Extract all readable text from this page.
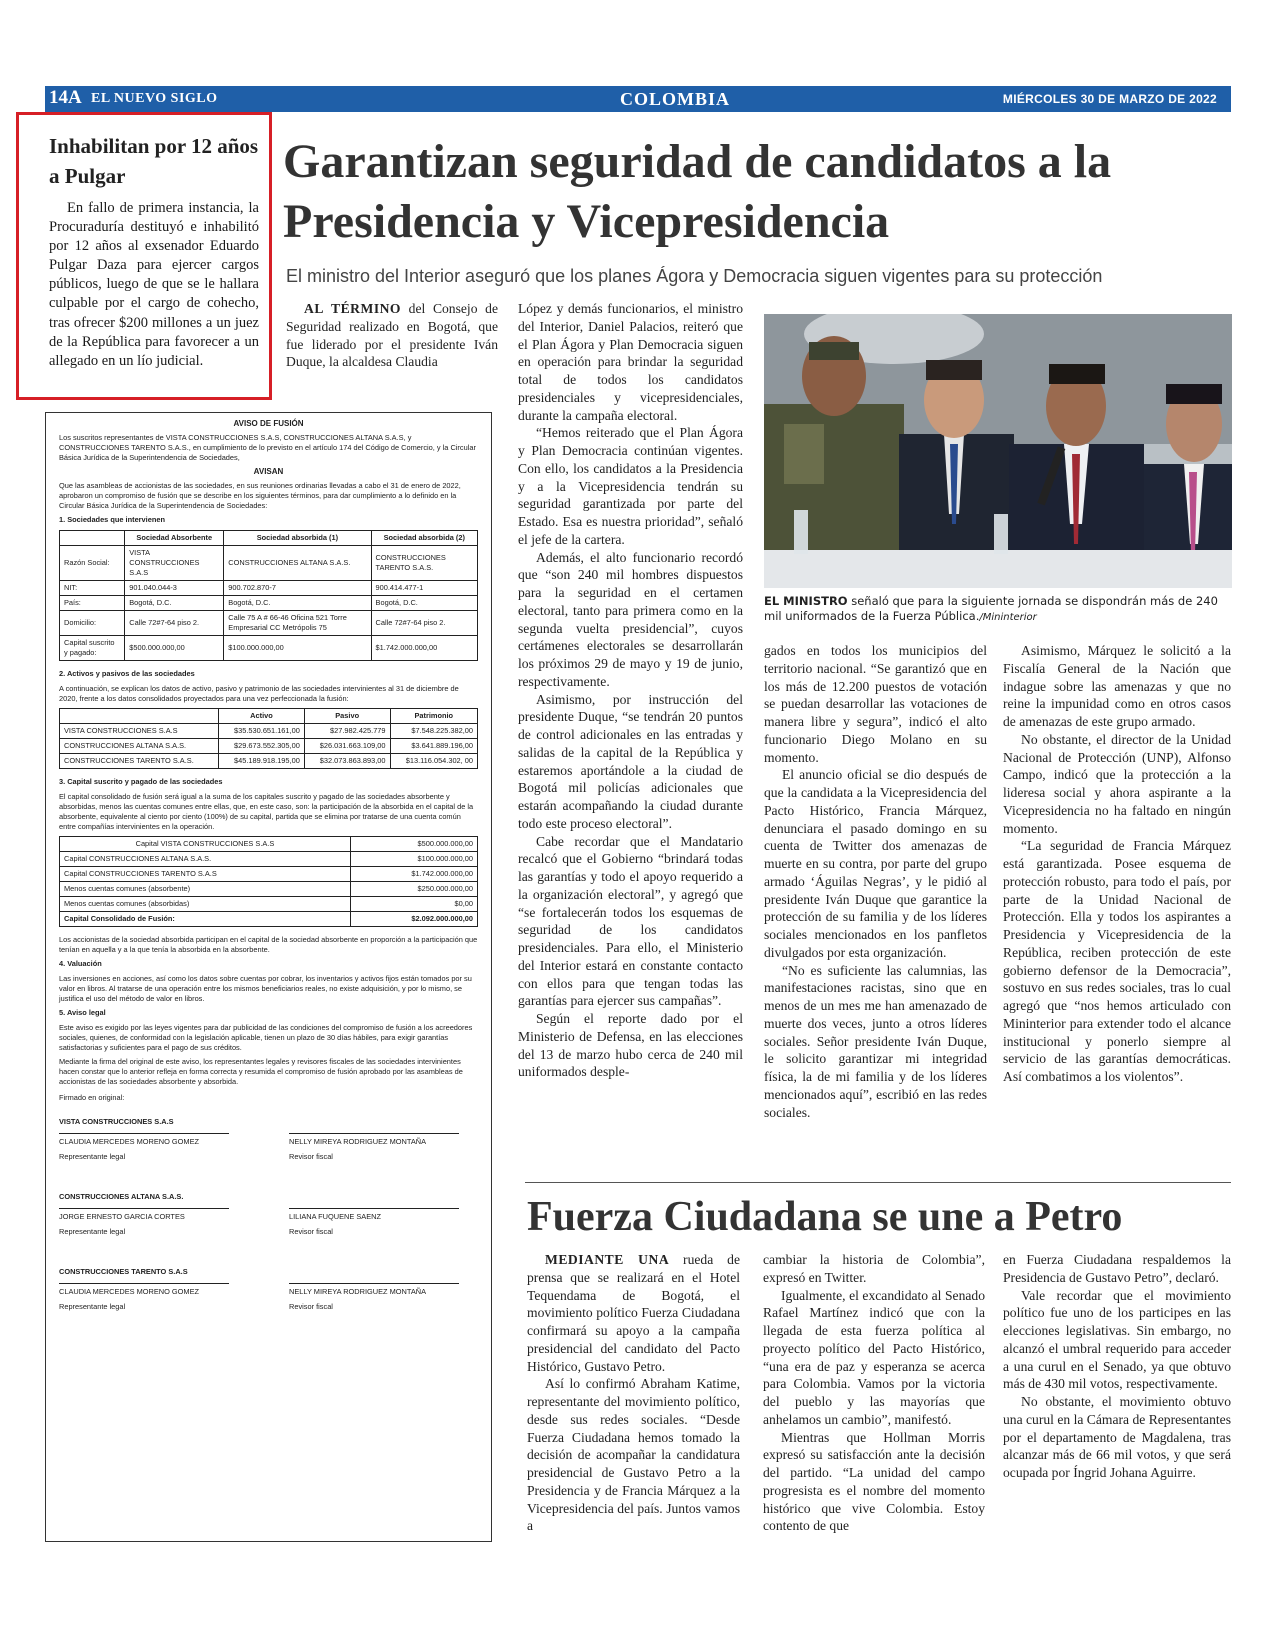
14A EL NUEVO SIGLO	COLOMBIA	MIÉRCOLES 30 DE MARZO DE 2022
Inhabilitan por 12 años a Pulgar

En fallo de primera instancia, la Procuraduría destituyó e inhabilitó por 12 años al exsenador Eduardo Pulgar Daza para ejercer cargos públicos, luego de que se le hallara culpable por el cargo de cohecho, tras ofrecer $200 millones a un juez de la República para favorecer a un allegado en un lío judicial.

Garantizan seguridad de candidatos a la Presidencia y Vicepresidencia
El ministro del Interior aseguró que los planes Ágora y Democracia siguen vigentes para su protección

AL TÉRMINO del Consejo de Seguridad realizado en Bogotá, que fue liderado por el presidente Iván Duque, la alcaldesa Claudia

López y demás funcionarios, el ministro del Interior, Daniel Palacios, reiteró que el Plan Ágora y Plan Democracia siguen en operación para brindar la seguridad total de todos los candidatos presidenciales y vicepresidenciales, durante la campaña electoral.

“Hemos reiterado que el Plan Ágora y Plan Democracia continúan vigentes. Con ello, los candidatos a la Presidencia y a la Vicepresidencia tendrán su seguridad garantizada por parte del Estado. Esa es nuestra prioridad”, señaló el jefe de la cartera.

Además, el alto funcionario recordó que “son 240 mil hombres dispuestos para la seguridad en el certamen electoral, tanto para primera como en la segunda vuelta presidencial”, cuyos certámenes electorales se desarrollarán los próximos 29 de mayo y 19 de junio, respectivamente.

Asimismo, por instrucción del presidente Duque, “se tendrán 20 puntos de control adicionales en las entradas y salidas de la capital de la República y estaremos aportándole a la ciudad de Bogotá mil policías adicionales que estarán acompañando la ciudad durante todo este proceso electoral”.

Cabe recordar que el Mandatario recalcó que el Gobierno “brindará todas las garantías y todo el apoyo requerido a la organización electoral”, y agregó que “se fortalecerán todos los esquemas de seguridad de los candidatos presidenciales. Para ello, el Ministerio del Interior estará en constante contacto con ellos para que tengan todas las garantías para ejercer sus campañas”.

Según el reporte dado por el Ministerio de Defensa, en las elecciones del 13 de marzo hubo cerca de 240 mil uniformados desple-

gados en todos los municipios del territorio nacional. “Se garantizó que en los más de 12.200 puestos de votación se puedan desarrollar las votaciones de manera libre y segura”, indicó el alto funcionario Diego Molano en su momento.

El anuncio oficial se dio después de que la candidata a la Vicepresidencia del Pacto Histórico, Francia Márquez, denunciara el pasado domingo en su cuenta de Twitter dos amenazas de muerte en su contra, por parte del grupo armado ‘Águilas Negras’, y le pidió al presidente Iván Duque que garantice la protección de su familia y de los líderes sociales mencionados en los panfletos divulgados por esta organización.

“No es suficiente las calumnias, las manifestaciones racistas, sino que en menos de un mes me han amenazado de muerte dos veces, junto a otros líderes sociales. Señor presidente Iván Duque, le solicito garantizar mi integridad física, la de mi familia y de los líderes mencionados aquí”, escribió en las redes sociales.

Asimismo, Márquez le solicitó a la Fiscalía General de la Nación que indague sobre las amenazas y que no reine la impunidad como en otros casos de amenazas de este grupo armado.

No obstante, el director de la Unidad Nacional de Protección (UNP), Alfonso Campo, indicó que la protección a la lideresa social y ahora aspirante a la Vicepresidencia no ha faltado en ningún momento.

“La seguridad de Francia Márquez está garantizada. Posee esquema de protección robusto, para todo el país, por parte de la Unidad Nacional de Protección. Ella y todos los aspirantes a Presidencia y Vicepresidencia de la República, reciben protección de este gobierno defensor de la Democracia”, sostuvo en sus redes sociales, tras lo cual agregó que “nos hemos articulado con Mininterior para extender todo el alcance institucional y ponerlo siempre al servicio de las garantías democráticas. Así combatimos a los violentos”.

EL MINISTRO señaló que para la siguiente jornada se dispondrán más de 240 mil uniformados de la Fuerza Pública./Mininterior
Fuerza Ciudadana se une a Petro

MEDIANTE UNA rueda de prensa que se realizará en el Hotel Tequendama de Bogotá, el movimiento político Fuerza Ciudadana confirmará su apoyo a la campaña presidencial del candidato del Pacto Histórico, Gustavo Petro.

Así lo confirmó Abraham Katime, representante del movimiento político, desde sus redes sociales. “Desde Fuerza Ciudadana hemos tomado la decisión de acompañar la candidatura presidencial de Gustavo Petro a la Presidencia y de Francia Márquez a la Vicepresidencia del país. Juntos vamos a

cambiar la historia de Colombia”, expresó en Twitter.

Igualmente, el excandidato al Senado Rafael Martínez indicó que con la llegada de esta fuerza política al proyecto político del Pacto Histórico, “una era de paz y esperanza se acerca para Colombia. Vamos por la victoria del pueblo y las mayorías que anhelamos un cambio”, manifestó.

Mientras que Hollman Morris expresó su satisfacción ante la decisión del partido. “La unidad del campo progresista es el nombre del momento histórico que vive Colombia. Estoy contento de que

en Fuerza Ciudadana respaldemos la Presidencia de Gustavo Petro”, declaró.

Vale recordar que el movimiento político fue uno de los participes en las elecciones legislativas. Sin embargo, no alcanzó el umbral requerido para acceder a una curul en el Senado, ya que obtuvo más de 430 mil votos, respectivamente.

No obstante, el movimiento obtuvo una curul en la Cámara de Representantes por el departamento de Magdalena, tras alcanzar más de 66 mil votos, y que será ocupada por Íngrid Johana Aguirre.

AVISO DE FUSIÓN

Los suscritos representantes de VISTA CONSTRUCCIONES S.A.S, CONSTRUCCIONES ALTANA S.A.S, y CONSTRUCCIONES TARENTO S.A.S., en cumplimiento de lo previsto en el artículo 174 del Código de Comercio, y la Circular Básica Jurídica de la Superintendencia de Sociedades,

AVISAN

Que las asambleas de accionistas de las sociedades, en sus reuniones ordinarias llevadas a cabo el 31 de enero de 2022, aprobaron un compromiso de fusión que se describe en los siguientes términos, para dar cumplimiento a lo definido en la Circular Básica Jurídica de la Superintendencia de Sociedades:

1. Sociedades que intervienen
	Sociedad Absorbente	Sociedad absorbida (1)	Sociedad absorbida (2)
Razón Social:	VISTA CONSTRUCCIONES S.A.S	CONSTRUCCIONES ALTANA S.A.S.	CONSTRUCCIONES TARENTO S.A.S.
NIT:	901.040.044-3	900.702.870-7	900.414.477-1
País:	Bogotá, D.C.	Bogotá, D.C.	Bogotá, D.C.
Domicilio:	Calle 72#7-64 piso 2.	Calle 75 A # 66-46 Oficina 521 Torre Empresarial CC Metrópolis 75	Calle 72#7-64 piso 2.
Capital suscrito y pagado:	$500.000.000,00	$100.000.000,00	$1.742.000.000,00
2. Activos y pasivos de las sociedades

A continuación, se explican los datos de activo, pasivo y patrimonio de las sociedades intervinientes al 31 de diciembre de 2020, frente a los datos consolidados proyectados para una vez perfeccionada la fusión:

	Activo	Pasivo	Patrimonio
VISTA CONSTRUCCIONES S.A.S	$35.530.651.161,00	$27.982.425.779	$7.548.225.382,00
CONSTRUCCIONES ALTANA S.A.S.	$29.673.552.305,00	$26.031.663.109,00	$3.641.889.196,00
CONSTRUCCIONES TARENTO S.A.S.	$45.189.918.195,00	$32.073.863.893,00	$13.116.054.302, 00
3. Capital suscrito y pagado de las sociedades

El capital consolidado de fusión será igual a la suma de los capitales suscrito y pagado de las sociedades absorbente y absorbidas, menos las cuentas comunes entre ellas, que, en este caso, son: la participación de la absorbida en el capital de la absorbente, equivalente al ciento por ciento (100%) de su capital, partida que se elimina por tratarse de una cuenta común entre compañías intervinientes en la operación.

Capital VISTA CONSTRUCCIONES S.A.S	$500.000.000,00
Capital CONSTRUCCIONES ALTANA S.A.S.	$100.000.000,00
Capital CONSTRUCCIONES TARENTO S.A.S	$1.742.000.000,00
Menos cuentas comunes (absorbente)	$250.000.000,00
Menos cuentas comunes (absorbidas)	$0,00
Capital Consolidado de Fusión:	$2.092.000.000,00

Los accionistas de la sociedad absorbida participan en el capital de la sociedad absorbente en proporción a la participación que tenían en aquella y a la que tenía la absorbida en la absorbente.

4. Valuación

Las inversiones en acciones, así como los datos sobre cuentas por cobrar, los inventarios y activos fijos están tomados por su valor en libros. Al tratarse de una operación entre los mismos beneficiarios reales, no existe adquisición, y por lo mismo, se justifica el uso del método de valor en libros.

5. Aviso legal

Este aviso es exigido por las leyes vigentes para dar publicidad de las condiciones del compromiso de fusión a los acreedores sociales, quienes, de conformidad con la legislación aplicable, tienen un plazo de 30 días hábiles, para exigir garantías satisfactorias y suficientes para el pago de sus créditos.

Mediante la firma del original de este aviso, los representantes legales y revisores fiscales de las sociedades intervinientes hacen constar que lo anterior refleja en forma correcta y resumida el compromiso de fusión aprobado por las asambleas de accionistas de las sociedades absorbente y absorbida.

Firmado en original:

VISTA CONSTRUCCIONES S.A.S
CLAUDIA MERCEDES MORENO GOMEZ
Representante legal
NELLY MIREYA RODRIGUEZ MONTAÑA
Revisor fiscal
CONSTRUCCIONES ALTANA S.A.S.
JORGE ERNESTO GARCIA CORTES
Representante legal
LILIANA FUQUENE SAENZ
Revisor fiscal
CONSTRUCCIONES TARENTO S.A.S
CLAUDIA MERCEDES MORENO GOMEZ
Representante legal
NELLY MIREYA RODRIGUEZ MONTAÑA
Revisor fiscal
